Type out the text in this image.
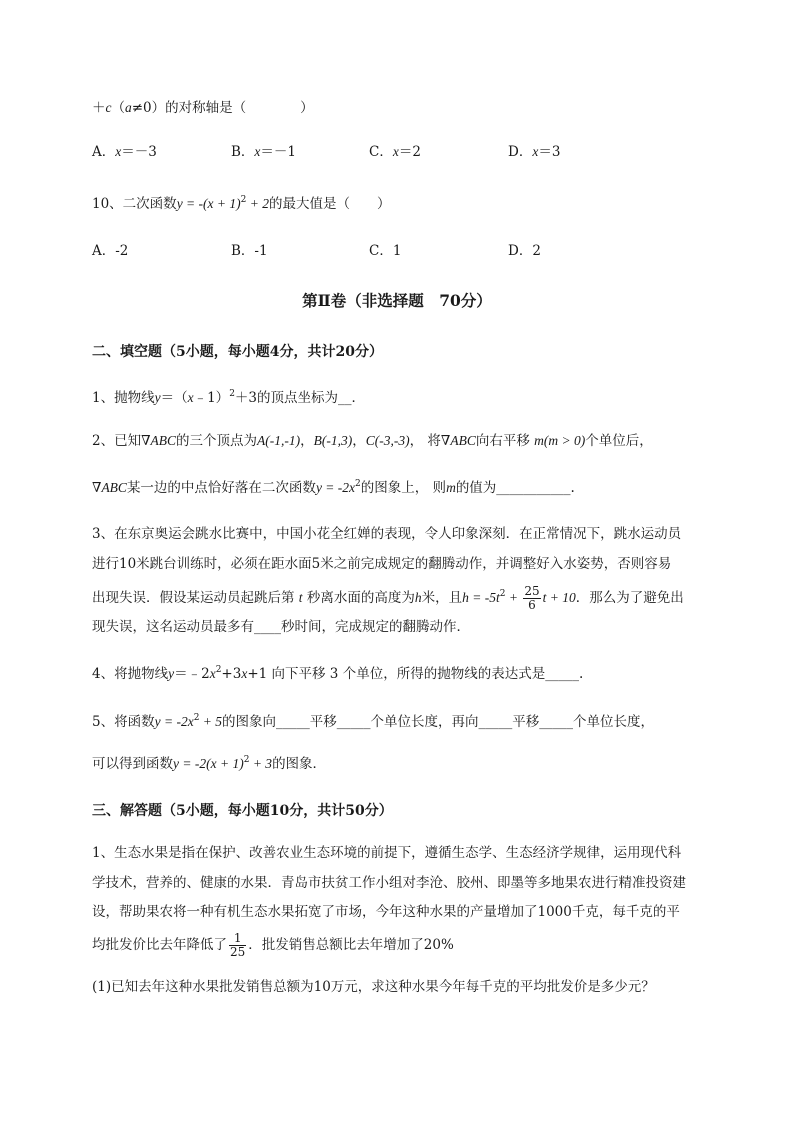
＋c（a≠0）的对称轴是（　　　　）
A．x＝－3	B．x＝－1	C．x＝2	D．x＝3
10、二次函数$y = -(x + 1)^2 + 2$的最大值是（　　）
A．-2	B．-1	C．1	D．2
第Ⅱ卷（非选择题　70分）
二、填空题（5小题，每小题4分，共计20分）
1、抛物线y＝（x﹣1）$^2$＋3的顶点坐标为__．
2、已知∇ABC的三个顶点为A(-1,-1)，B(-1,3)，C(-3,-3)， 将∇ABC向右平移 m(m > 0)个单位后，
∇ABC某一边的中点恰好落在二次函数$y = -2x^2$的图象上， 则m的值为___________.
3、在东京奥运会跳水比赛中，中国小花全红婵的表现，令人印象深刻．在正常情况下，跳水运动员
进行10米跳台训练时，必须在距水面5米之前完成规定的翻腾动作，并调整好入水姿势，否则容易
出现失误．假设某运动员起跳后第 t 秒离水面的高度为h米，且$h = -5t^2 + \frac{25}{6}$ t + 10．那么为了避免出
现失误，这名运动员最多有____秒时间，完成规定的翻腾动作．
4、将抛物线$y=﹣2x^2+3x+1$ 向下平移 3 个单位，所得的抛物线的表达式是_____.
5、将函数$y = -2x^2 + 5$的图象向_____平移_____个单位长度，再向_____平移_____个单位长度，
可以得到函数$y = -2(x + 1)^2 + 3$的图象．
三、解答题（5小题，每小题10分，共计50分）
1、生态水果是指在保护、改善农业生态环境的前提下，遵循生态学、生态经济学规律，运用现代科
学技术，营养的、健康的水果．青岛市扶贫工作小组对李沧、胶州、即墨等多地果农进行精准投资建
设，帮助果农将一种有机生态水果拓宽了市场，今年这种水果的产量增加了1000千克，每千克的平
均批发价比去年降低了 $\frac{1}{25}$ ．批发销售总额比去年增加了20%
(1)已知去年这种水果批发销售总额为10万元，求这种水果今年每千克的平均批发价是多少元？
